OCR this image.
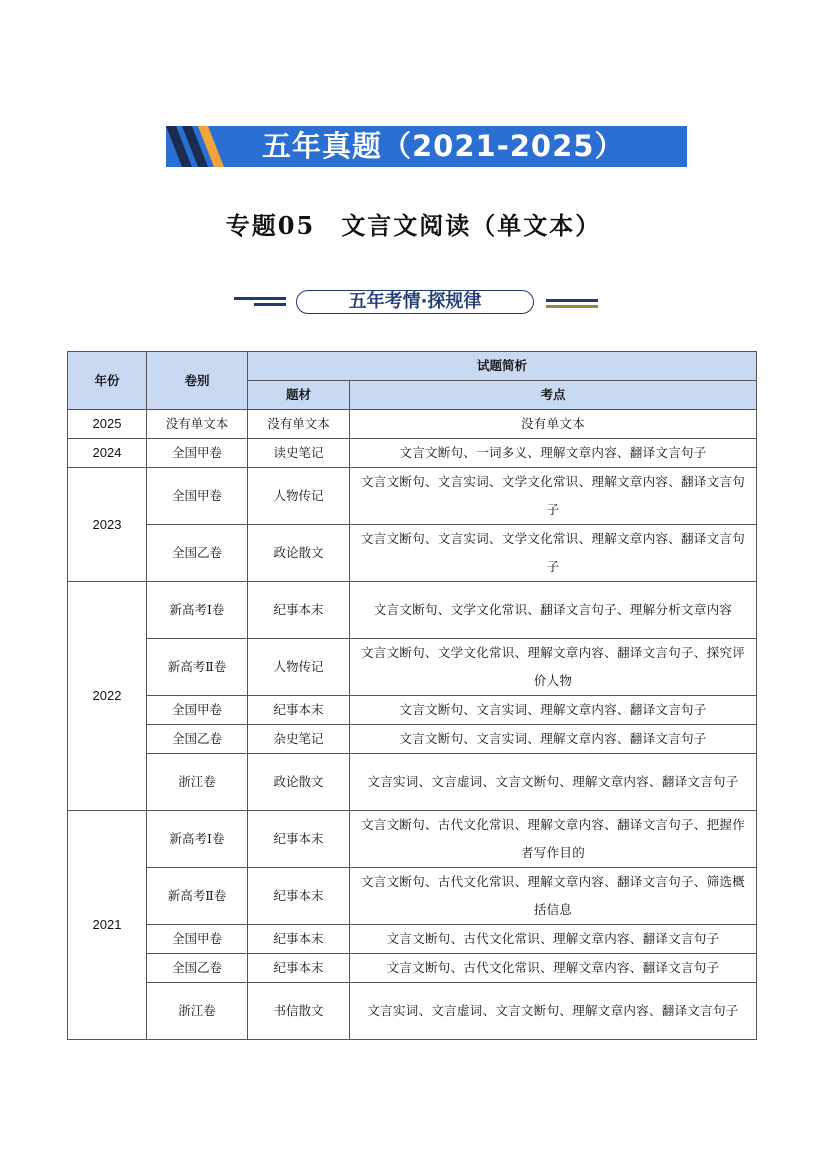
五年真题（2021-2025）
专题05　文言文阅读（单文本）
五年考情·探规律
年份	卷别	试题简析	
		题材	考点
2025	没有单文本	没有单文本	没有单文本
2024	全国甲卷	读史笔记	文言文断句、一词多义、理解文章内容、翻译文言句子
2023	全国甲卷	人物传记	文言文断句、文言实词、文学文化常识、理解文章内容、翻译文言句子
	全国乙卷	政论散文	文言文断句、文言实词、文学文化常识、理解文章内容、翻译文言句子
2022	新高考Ⅰ卷	纪事本末	文言文断句、文学文化常识、翻译文言句子、理解分析文章内容
	新高考Ⅱ卷	人物传记	文言文断句、文学文化常识、理解文章内容、翻译文言句子、探究评价人物
	全国甲卷	纪事本末	文言文断句、文言实词、理解文章内容、翻译文言句子
	全国乙卷	杂史笔记	文言文断句、文言实词、理解文章内容、翻译文言句子
	浙江卷	政论散文	文言实词、文言虚词、文言文断句、理解文章内容、翻译文言句子
2021	新高考Ⅰ卷	纪事本末	文言文断句、古代文化常识、理解文章内容、翻译文言句子、把握作者写作目的
	新高考Ⅱ卷	纪事本末	文言文断句、古代文化常识、理解文章内容、翻译文言句子、筛选概括信息
	全国甲卷	纪事本末	文言文断句、古代文化常识、理解文章内容、翻译文言句子
	全国乙卷	纪事本末	文言文断句、古代文化常识、理解文章内容、翻译文言句子
	浙江卷	书信散文	文言实词、文言虚词、文言文断句、理解文章内容、翻译文言句子
